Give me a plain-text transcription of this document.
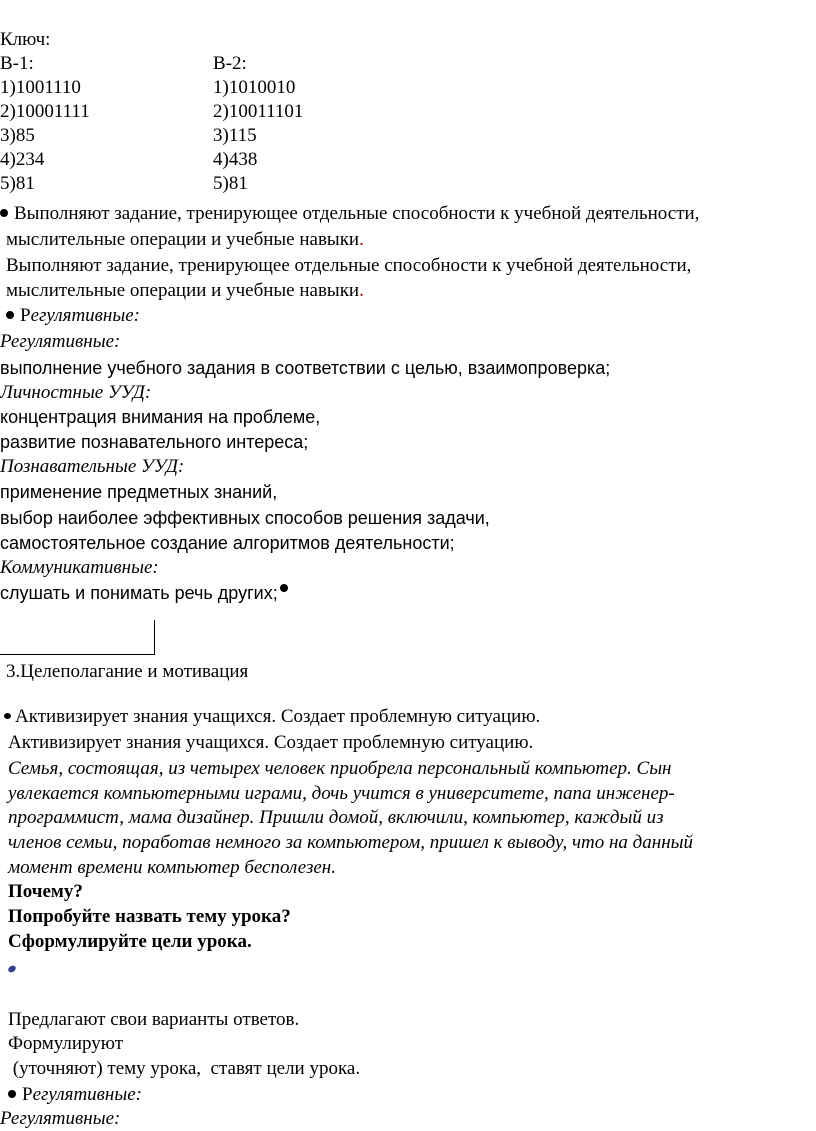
Ключ:
В-1:
1)1001110
2)10001111
3)85
4)234
5)81
В-2:
1)1010010
2)10011101
3)115
4)438
5)81
Выполняют задание, тренирующее отдельные способности к учебной деятельности,
мыслительные операции и учебные навыки.
Выполняют задание, тренирующее отдельные способности к учебной деятельности,
мыслительные операции и учебные навыки.
Регулятивные:
Регулятивные:
выполнение учебного задания в соответствии с целью, взаимопроверка;
Личностные УУД:
концентрация внимания на проблеме,
развитие познавательного интереса;
Познавательные УУД:
применение предметных знаний,
выбор наиболее эффективных способов решения задачи,
самостоятельное создание алгоритмов деятельности;
Коммуникативные:
слушать и понимать речь других;
3.Целеполагание и мотивация
Активизирует знания учащихся. Создает проблемную ситуацию.
Активизирует знания учащихся. Создает проблемную ситуацию.
Семья, состоящая, из четырех человек приобрела персональный компьютер. Сын
увлекается компьютерными играми, дочь учится в университете, папа инженер-
программист, мама дизайнер. Пришли домой, включили, компьютер, каждый из
членов семьи, поработав немного за компьютером, пришел к выводу, что на данный
момент времени компьютер бесполезен.
Почему?
Попробуйте назвать тему урока?
Сформулируйте цели урока.
Предлагают свои варианты ответов.
Формулируют
(уточняют) тему урока,  ставят цели урока.
Регулятивные:
Регулятивные:
